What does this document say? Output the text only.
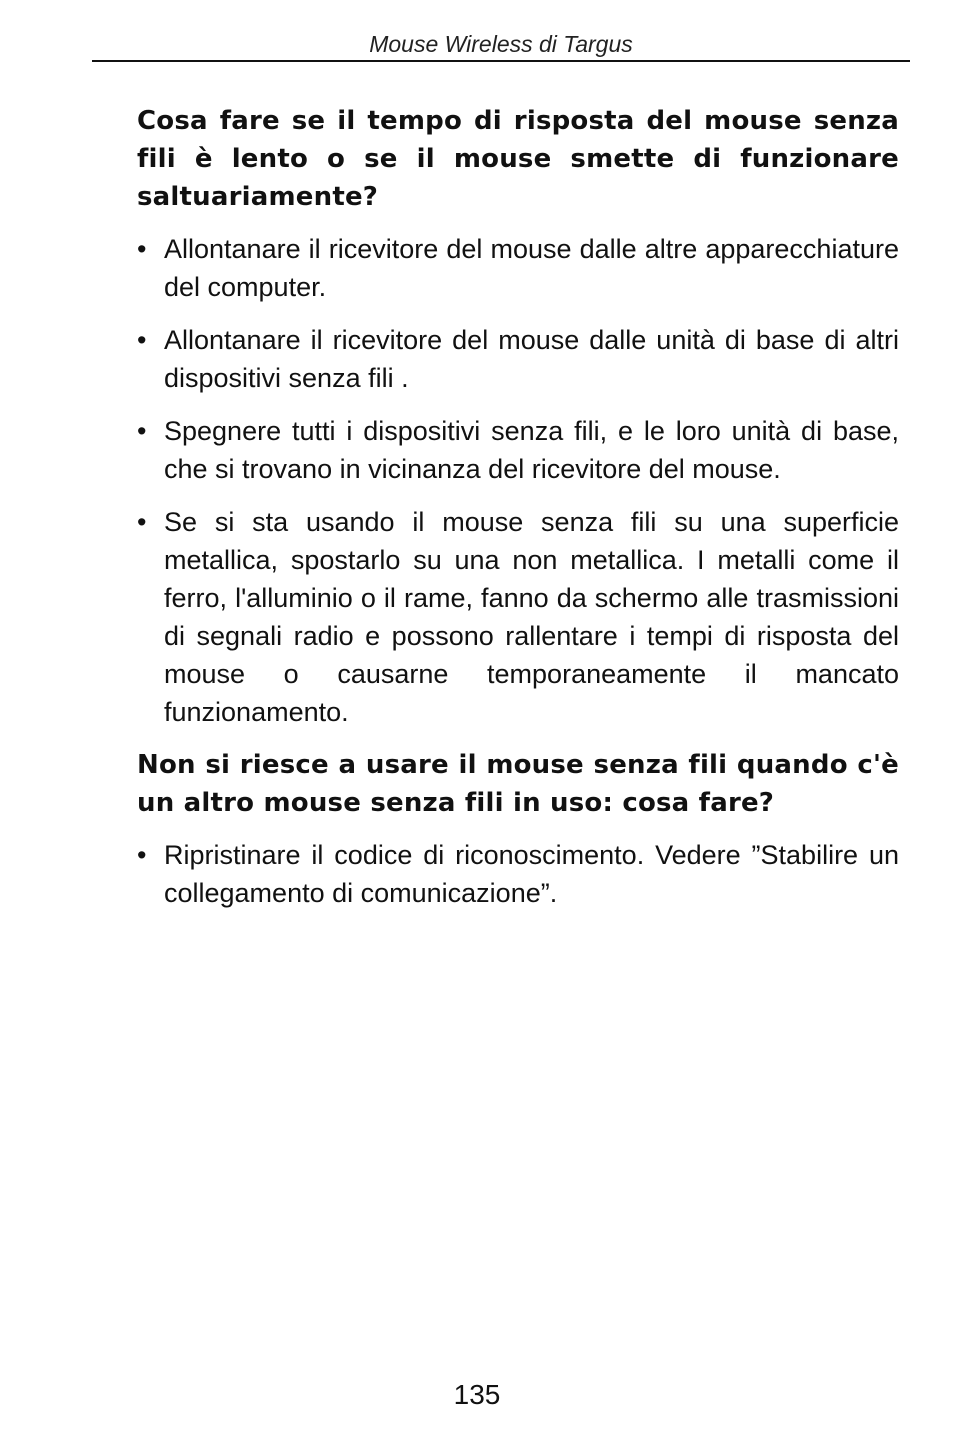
Mouse Wireless di Targus
Cosa fare se il tempo di risposta del mouse senza fili è lento o se il mouse smette di funzionare saltuariamente?
• Allontanare il ricevitore del mouse dalle altre apparecchiature del computer.
• Allontanare il ricevitore del mouse dalle unità di base di altri dispositivi senza fili .
• Spegnere tutti i dispositivi senza fili, e le loro unità di base, che si trovano in vicinanza del ricevitore del mouse.
• Se si sta usando il mouse senza fili su una superficie metallica, spostarlo su una non metallica. I metalli come il ferro, l'alluminio o il rame, fanno da schermo alle trasmissioni di segnali radio e possono rallentare i tempi di risposta del mouse o causarne temporaneamente il mancato funzionamento.
Non si riesce a usare il mouse senza fili quando c'è un altro mouse senza fili in uso: cosa fare?
• Ripristinare il codice di riconoscimento. Vedere ”Stabilire un collegamento di comunicazione”.
135
